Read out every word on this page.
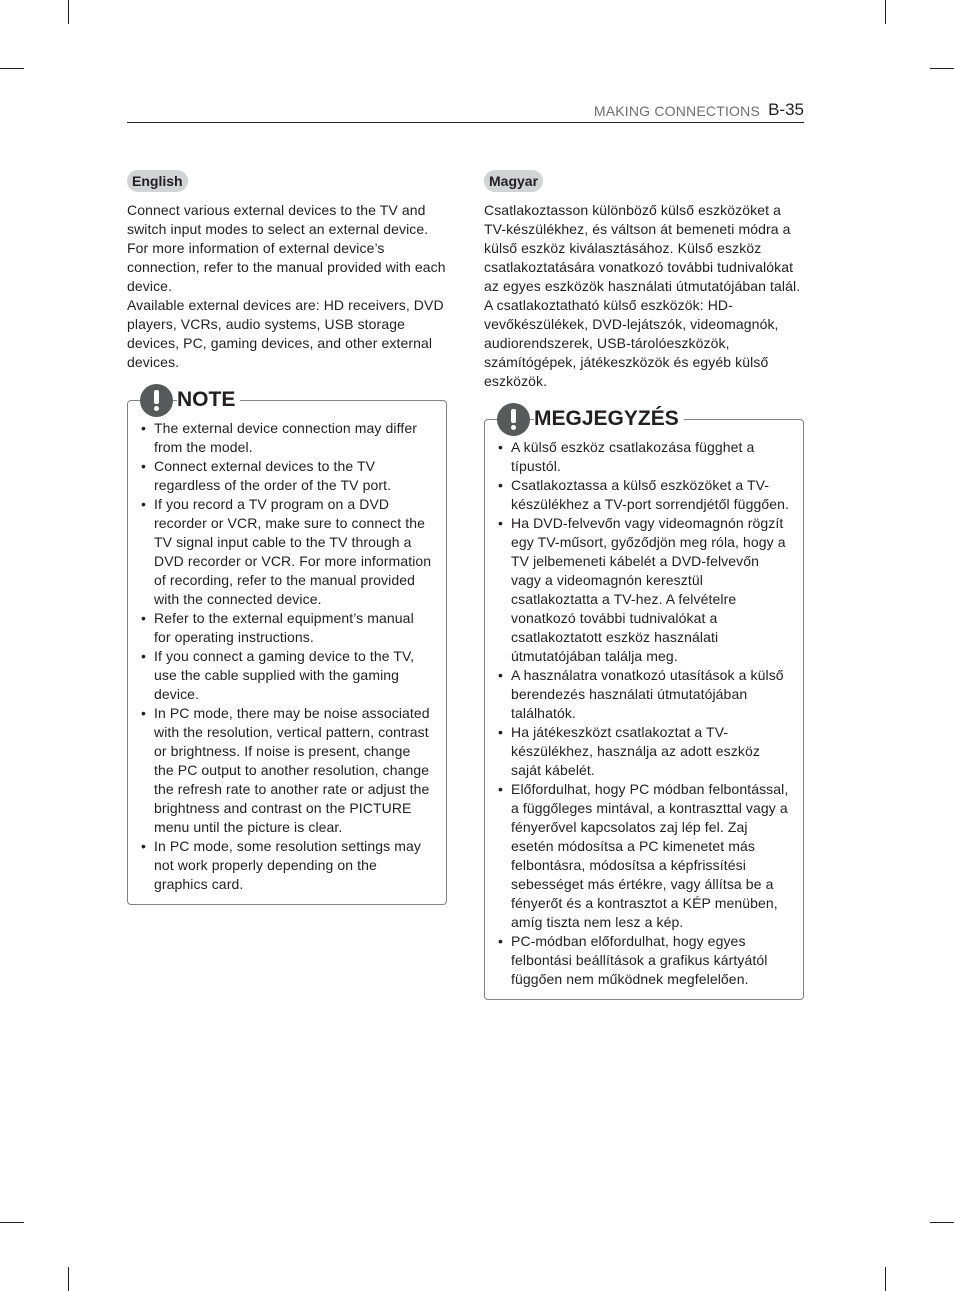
MAKING CONNECTIONS B-35
English

Connect various external devices to the TV and switch input modes to select an external device. For more information of external device’s connection, refer to the manual provided with each device.

Available external devices are: HD receivers, DVD players, VCRs, audio systems, USB storage devices, PC, gaming devices, and other external devices.

NOTE
• The external device connection may differ from the model.
• Connect external devices to the TV regardless of the order of the TV port.
• If you record a TV program on a DVD recorder or VCR, make sure to connect the TV signal input cable to the TV through a DVD recorder or VCR. For more information of recording, refer to the manual provided with the connected device.
• Refer to the external equipment’s manual for operating instructions.
• If you connect a gaming device to the TV, use the cable supplied with the gaming device.
• In PC mode, there may be noise associated with the resolution, vertical pattern, contrast or brightness. If noise is present, change the PC output to another resolution, change the refresh rate to another rate or adjust the brightness and contrast on the PICTURE menu until the picture is clear.
• In PC mode, some resolution settings may not work properly depending on the graphics card.
Magyar

Csatlakoztasson különböző külső eszközöket a TV-készülékhez, és váltson át bemeneti módra a külső eszköz kiválasztásához. Külső eszköz csatlakoztatására vonatkozó további tudnivalókat az egyes eszközök használati útmutatójában talál.

A csatlakoztatható külső eszközök: HD-vevőkészülékek, DVD-lejátszók, videomagnók, audiorendszerek, USB-tárolóeszközök, számítógépek, játékeszközök és egyéb külső eszközök.

MEGJEGYZÉS
• A külső eszköz csatlakozása függhet a típustól.
• Csatlakoztassa a külső eszközöket a TV-készülékhez a TV-port sorrendjétől függően.
• Ha DVD-felvevőn vagy videomagnón rögzít egy TV-műsort, győződjön meg róla, hogy a TV jelbemeneti kábelét a DVD-felvevőn vagy a videomagnón keresztül csatlakoztatta a TV-hez. A felvételre vonatkozó további tudnivalókat a csatlakoztatott eszköz használati útmutatójában találja meg.
• A használatra vonatkozó utasítások a külső berendezés használati útmutatójában találhatók.
• Ha játékeszközt csatlakoztat a TV-készülékhez, használja az adott eszköz saját kábelét.
• Előfordulhat, hogy PC módban felbontással, a függőleges mintával, a kontraszttal vagy a fényerővel kapcsolatos zaj lép fel. Zaj esetén módosítsa a PC kimenetet más felbontásra, módosítsa a képfrissítési sebességet más értékre, vagy állítsa be a fényerőt és a kontrasztot a KÉP menüben, amíg tiszta nem lesz a kép.
• PC-módban előfordulhat, hogy egyes felbontási beállítások a grafikus kártyától függően nem működnek megfelelően.
